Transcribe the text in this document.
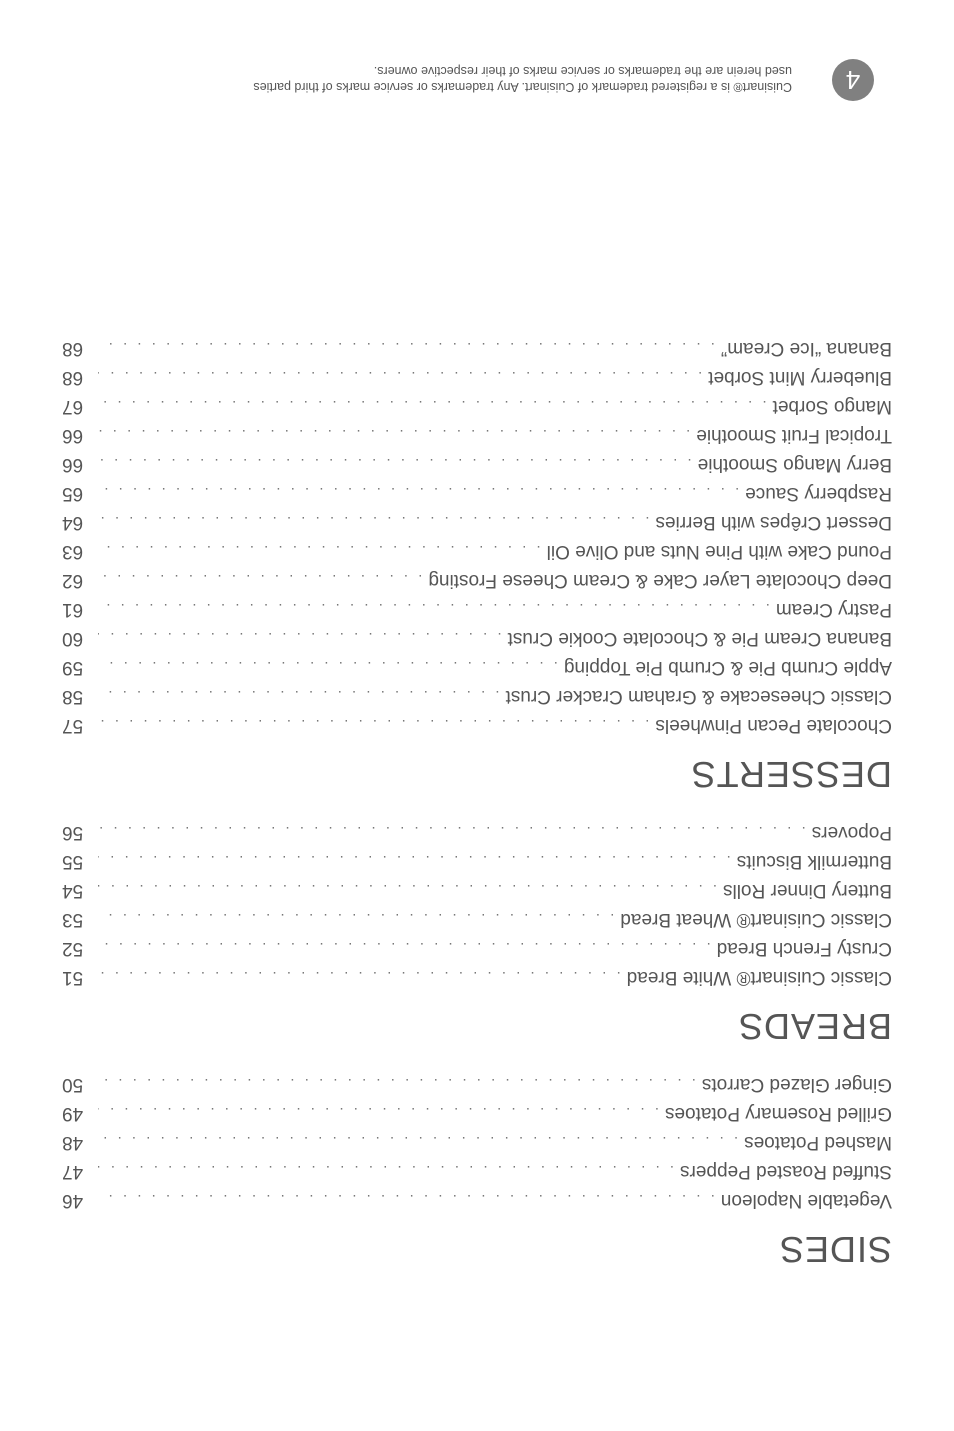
SIDES
Vegetable Napoleon
. . .
46
Stuffed Roasted Peppers
. . .
47
Mashed Potatoes
. . .
48
Grilled Rosemary Potatoes
. . .
49
Ginger Glazed Carrots
. . .
50
BREADS
Classic Cuisinart® White Bread
. . .
51
Crusty French Bread
. . .
52
Classic Cuisinart® Wheat Bread
. . .
53
Buttery Dinner Rolls
. . .
54
Buttermilk Biscuits
. . .
55
Popovers
. . .
56
DESSERTS
Chocolate Pecan Pinwheels
. . .
57
Classic Cheesecake & Graham Cracker Crust
. . .
58
Apple Crumb Pie & Crumb Pie Topping
. . .
59
Banana Cream Pie & Chocolate Cookie Crust
. . .
60
Pastry Cream
. . .
61
Deep Chocolate Layer Cake & Cream Cheese Frosting
. . .
62
Pound Cake with Pine Nuts and Olive Oil
. . .
63
Dessert Crêpes with Berries
. . .
64
Raspberry Sauce
. . .
65
Berry Mango Smoothie
. . .
66
Tropical Fruit Smoothie
. . .
66
Mango Sorbet
. . .
67
Blueberry Mint Sorbet
. . .
68
Banana “Ice Cream”
. . .
68
4
Cuisinart® is a registered trademark of Cuisinart. Any trademarks or service marks of third parties
used herein are the trademarks or service marks of their respective owners.
